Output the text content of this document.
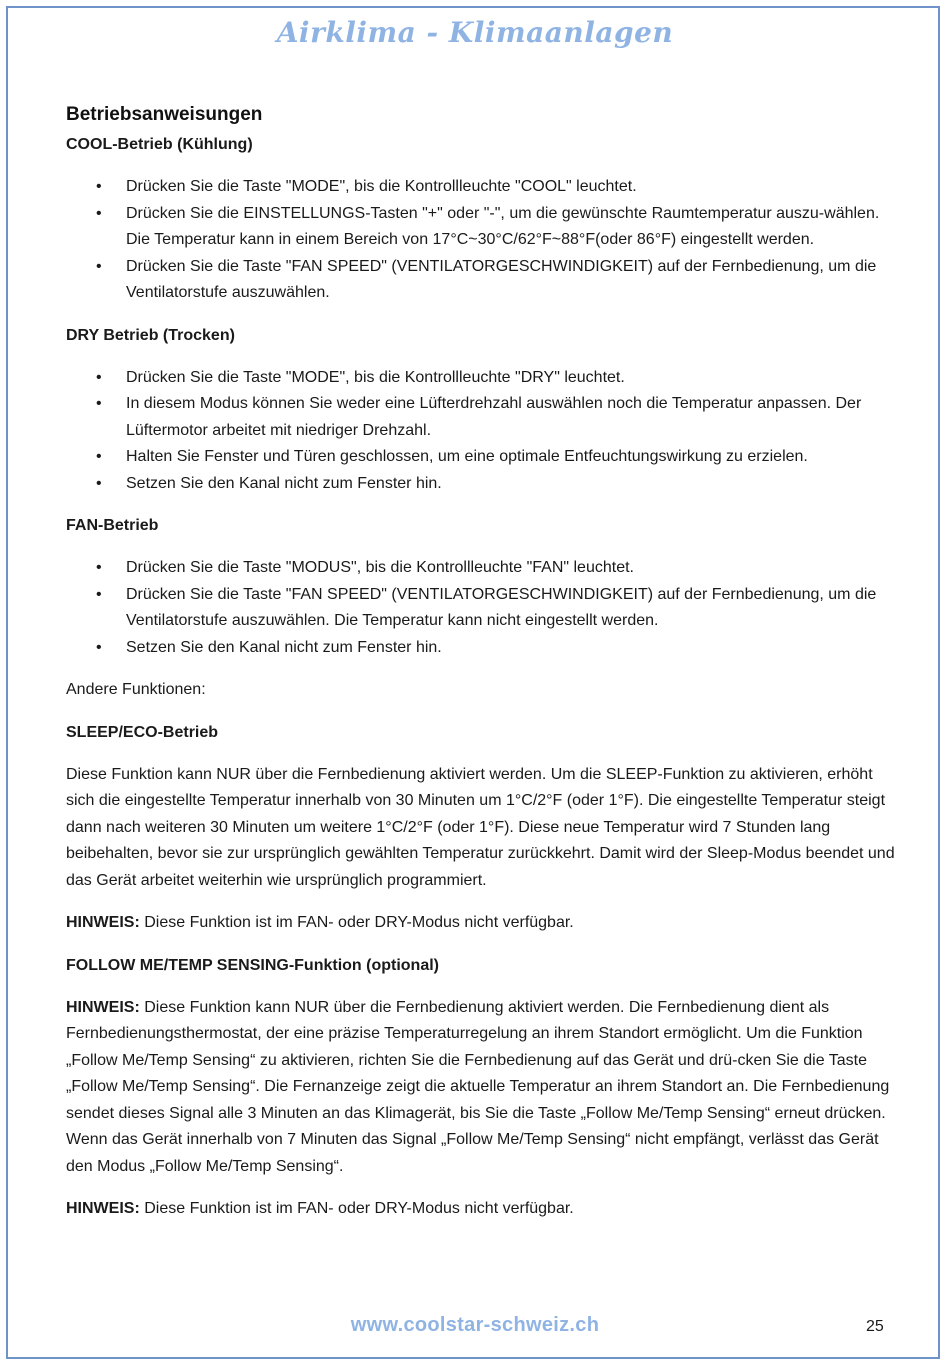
Airklima - Klimaanlagen
Betriebsanweisungen
COOL-Betrieb (Kühlung)
• Drücken Sie die Taste "MODE", bis die Kontrollleuchte "COOL" leuchtet.
• Drücken Sie die EINSTELLUNGS-Tasten "+" oder "-", um die gewünschte Raumtemperatur auszu-wählen. Die Temperatur kann in einem Bereich von 17°C~30°C/62°F~88°F(oder 86°F) eingestellt werden.
• Drücken Sie die Taste "FAN SPEED" (VENTILATORGESCHWINDIGKEIT) auf der Fernbedienung, um die Ventilatorstufe auszuwählen.
DRY Betrieb (Trocken)
• Drücken Sie die Taste "MODE", bis die Kontrollleuchte "DRY" leuchtet.
• In diesem Modus können Sie weder eine Lüfterdrehzahl auswählen noch die Temperatur anpassen. Der Lüftermotor arbeitet mit niedriger Drehzahl.
• Halten Sie Fenster und Türen geschlossen, um eine optimale Entfeuchtungswirkung zu erzielen.
• Setzen Sie den Kanal nicht zum Fenster hin.
FAN-Betrieb
• Drücken Sie die Taste "MODUS", bis die Kontrollleuchte "FAN" leuchtet.
• Drücken Sie die Taste "FAN SPEED" (VENTILATORGESCHWINDIGKEIT) auf der Fernbedienung, um die Ventilatorstufe auszuwählen. Die Temperatur kann nicht eingestellt werden.
• Setzen Sie den Kanal nicht zum Fenster hin.

Andere Funktionen:

SLEEP/ECO-Betrieb

Diese Funktion kann NUR über die Fernbedienung aktiviert werden. Um die SLEEP-Funktion zu aktivieren, erhöht sich die eingestellte Temperatur innerhalb von 30 Minuten um 1°C/2°F (oder 1°F). Die eingestellte Temperatur steigt dann nach weiteren 30 Minuten um weitere 1°C/2°F (oder 1°F). Diese neue Temperatur wird 7 Stunden lang beibehalten, bevor sie zur ursprünglich gewählten Temperatur zurückkehrt. Damit wird der Sleep-Modus beendet und das Gerät arbeitet weiterhin wie ursprünglich programmiert.

HINWEIS: Diese Funktion ist im FAN- oder DRY-Modus nicht verfügbar.

FOLLOW ME/TEMP SENSING-Funktion (optional)

HINWEIS: Diese Funktion kann NUR über die Fernbedienung aktiviert werden. Die Fernbedienung dient als Fernbedienungsthermostat, der eine präzise Temperaturregelung an ihrem Standort ermöglicht. Um die Funktion „Follow Me/Temp Sensing“ zu aktivieren, richten Sie die Fernbedienung auf das Gerät und drü-cken Sie die Taste „Follow Me/Temp Sensing“. Die Fernanzeige zeigt die aktuelle Temperatur an ihrem Standort an. Die Fernbedienung sendet dieses Signal alle 3 Minuten an das Klimagerät, bis Sie die Taste „Follow Me/Temp Sensing“ erneut drücken. Wenn das Gerät innerhalb von 7 Minuten das Signal „Follow Me/Temp Sensing“ nicht empfängt, verlässt das Gerät den Modus „Follow Me/Temp Sensing“.

HINWEIS: Diese Funktion ist im FAN- oder DRY-Modus nicht verfügbar.

www.coolstar-schweiz.ch	25
